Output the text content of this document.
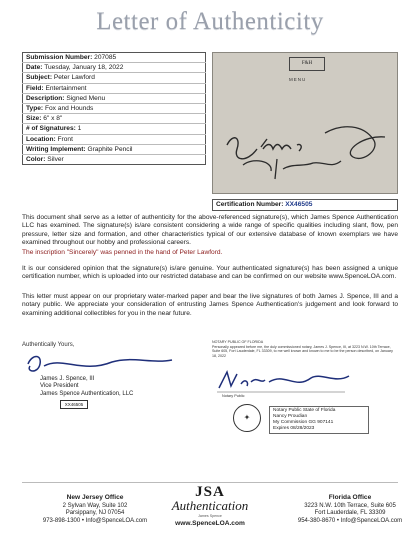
Letter of Authenticity
Submission Number: 207085
Date: Tuesday, January 18, 2022
Subject: Peter Lawford
Field: Entertainment
Description: Signed Menu
Type: Fox and Hounds
Size: 6" x 8"
# of Signatures: 1
Location: Front
Writing Implement: Graphite Pencil
Color: Silver

F&H
MENU
Certification Number: XX46505
This document shall serve as a letter of authenticity for the above-referenced signature(s), which James Spence Authentication LLC has examined. The signature(s) is/are consistent considering a wide range of specific qualities including slant, flow, pen pressure, letter size and formation, and other characteristics typical of our extensive database of known exemplars we have examined throughout our hobby and professional careers.
The inscription "Sincerely" was penned in the hand of Peter Lawford.
It is our considered opinion that the signature(s) is/are genuine. Your authenticated signature(s) has been assigned a unique certification number, which is uploaded into our restricted database and can be confirmed on our website www.SpenceLOA.com.
This letter must appear on our proprietary water-marked paper and bear the live signatures of both James J. Spence, III and a notary public. We appreciate your consideration of entrusting James Spence Authentication's judgement and look forward to examining additional collectibles for you in the near future.
Authentically Yours,
James J. Spence, III
Vice President
James Spence Authentication, LLC
XX46505
NOTARY PUBLIC OF FLORIDA
Personally appeared before me, the duly commissioned notary, James J. Spence, III, at 3223 N.W. 10th Terrace, Suite 605, Fort Lauderdale, FL 33309, to me well known and known to me to be the person described, on January 18, 2022
Notary Public
✦
Notary Public State of Florida
Nancy Proudian
My Commission GG 907141
Expires 08/28/2023
New Jersey Office
2 Sylvan Way, Suite 102
Parsippany, NJ 07054
973-898-1300 • Info@SpenceLOA.com
JSA
Authentication
James Spence
www.SpenceLOA.com
Florida Office
3223 N.W. 10th Terrace, Suite 605
Fort Lauderdale, FL 33309
954-380-8670 • Info@SpenceLOA.com
